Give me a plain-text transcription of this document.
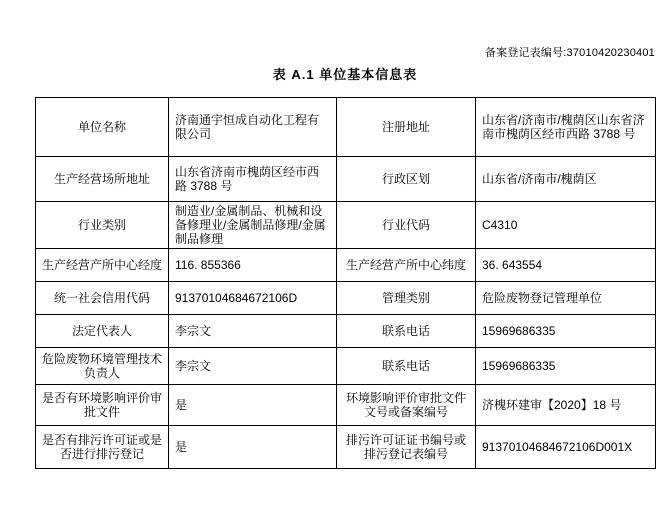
备案登记表编号:37010420230401
表 A.1 单位基本信息表
单位名称	济南通宇恒成自动化工程有限公司	注册地址	山东省/济南市/槐荫区山东省济南市槐荫区经市西路 3788 号
生产经营场所地址	山东省济南市槐荫区经市西路 3788 号	行政区划	山东省/济南市/槐荫区
行业类别	制造业/金属制品、机械和设备修理业/金属制品修理/金属制品修理	行业代码	C4310
生产经营产所中心经度	116. 855366	生产经营产所中心纬度	36. 643554
统一社会信用代码	91370104684672106D	管理类别	危险废物登记管理单位
法定代表人	李宗文	联系电话	15969686335
危险废物环境管理技术负责人	李宗文	联系电话	15969686335
是否有环境影响评价审批文件	是	环境影响评价审批文件文号或备案编号	济槐环建审【2020】18 号
是否有排污许可证或是否进行排污登记	是	排污许可证证书编号或排污登记表编号	91370104684672106D001X
